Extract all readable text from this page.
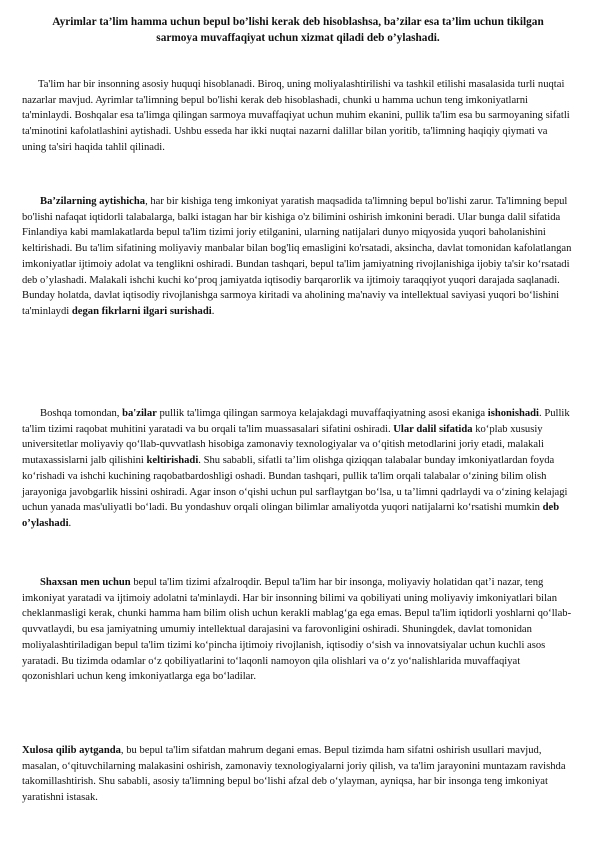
Ayrimlar ta’lim hamma uchun bepul bo’lishi kerak deb hisoblashsa, ba’zilar esa ta’lim uchun tikilgan sarmoya muvaffaqiyat uchun xizmat qiladi deb o’ylashadi.

Ta'lim har bir insonning asosiy huquqi hisoblanadi. Biroq, uning moliyalashtirilishi va tashkil etilishi masalasida turli nuqtai nazarlar mavjud. Ayrimlar ta'limning bepul bo'lishi kerak deb hisoblashadi, chunki u hamma uchun teng imkoniyatlarni ta'minlaydi. Boshqalar esa ta'limga qilingan sarmoya muvaffaqiyat uchun muhim ekanini, pullik ta'lim esa bu sarmoyaning sifatli ta'minotini kafolatlashini aytishadi. Ushbu esseda har ikki nuqtai nazarni dalillar bilan yoritib, ta'limning haqiqiy qiymati va uning ta'siri haqida tahlil qilinadi.

Ba’zilarning aytishicha, har bir kishiga teng imkoniyat yaratish maqsadida ta'limning bepul bo'lishi zarur. Ta'limning bepul bo'lishi nafaqat iqtidorli talabalarga, balki istagan har bir kishiga o'z bilimini oshirish imkonini beradi. Ular bunga dalil sifatida Finlandiya kabi mamlakatlarda bepul ta'lim tizimi joriy etilganini, ularning natijalari dunyo miqyosida yuqori baholanishini keltirishadi. Bu ta'lim sifatining moliyaviy manbalar bilan bog'liq emasligini ko'rsatadi, aksincha, davlat tomonidan kafolatlangan imkoniyatlar ijtimoiy adolat va tenglikni oshiradi. Bundan tashqari, bepul ta'lim jamiyatning rivojlanishiga ijobiy ta'sir ko‘rsatadi deb o’ylashadi. Malakali ishchi kuchi ko‘proq jamiyatda iqtisodiy barqarorlik va ijtimoiy taraqqiyot yuqori darajada saqlanadi. Bunday holatda, davlat iqtisodiy rivojlanishga sarmoya kiritadi va aholining ma'naviy va intellektual saviyasi yuqori bo‘lishini ta'minlaydi degan fikrlarni ilgari surishadi.

Boshqa tomondan, ba'zilar pullik ta'limga qilingan sarmoya kelajakdagi muvaffaqiyatning asosi ekaniga ishonishadi. Pullik ta'lim tizimi raqobat muhitini yaratadi va bu orqali ta'lim muassasalari sifatini oshiradi. Ular dalil sifatida ko‘plab xususiy universitetlar moliyaviy qo‘llab-quvvatlash hisobiga zamonaviy texnologiyalar va o‘qitish metodlarini joriy etadi, malakali mutaxassislarni jalb qilishini keltirishadi. Shu sababli, sifatli ta’lim olishga qiziqqan talabalar bunday imkoniyatlardan foyda ko‘rishadi va ishchi kuchining raqobatbardoshligi oshadi. Bundan tashqari, pullik ta'lim orqali talabalar o‘zining bilim olish jarayoniga javobgarlik hissini oshiradi. Agar inson o‘qishi uchun pul sarflaytgan bo‘lsa, u ta’limni qadrlaydi va o‘zining kelajagi uchun yanada mas'uliyatli bo‘ladi. Bu yondashuv orqali olingan bilimlar amaliyotda yuqori natijalarni ko‘rsatishi mumkin deb o’ylashadi.

Shaxsan men uchun bepul ta'lim tizimi afzalroqdir. Bepul ta'lim har bir insonga, moliyaviy holatidan qat’i nazar, teng imkoniyat yaratadi va ijtimoiy adolatni ta'minlaydi. Har bir insonning bilimi va qobiliyati uning moliyaviy imkoniyatlari bilan cheklanmasligi kerak, chunki hamma ham bilim olish uchun kerakli mablag‘ga ega emas. Bepul ta'lim iqtidorli yoshlarni qo‘llab-quvvatlaydi, bu esa jamiyatning umumiy intellektual darajasini va farovonligini oshiradi. Shuningdek, davlat tomonidan moliyalashtiriladigan bepul ta'lim tizimi ko‘pincha ijtimoiy rivojlanish, iqtisodiy o‘sish va innovatsiyalar uchun kuchli asos yaratadi. Bu tizimda odamlar o‘z qobiliyatlarini to‘laqonli namoyon qila olishlari va o‘z yo‘nalishlarida muvaffaqiyat qozonishlari uchun keng imkoniyatlarga ega bo‘ladilar.

Xulosa qilib aytganda, bu bepul ta'lim sifatdan mahrum degani emas. Bepul tizimda ham sifatni oshirish usullari mavjud, masalan, o‘qituvchilarning malakasini oshirish, zamonaviy texnologiyalarni joriy qilish, va ta'lim jarayonini muntazam ravishda takomillashtirish. Shu sababli, asosiy ta'limning bepul bo‘lishi afzal deb o‘ylayman, ayniqsa, har bir insonga teng imkoniyat yaratishni istasak.
